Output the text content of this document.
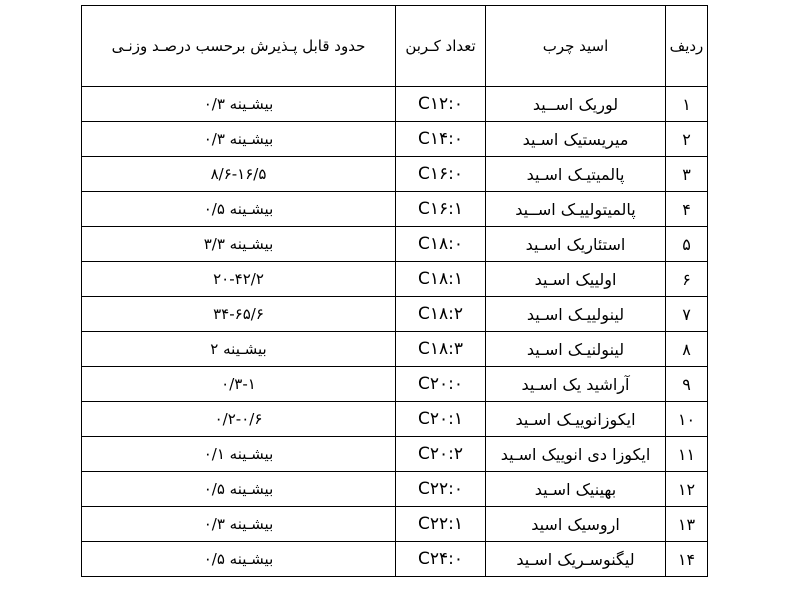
ردیف	اسید چرب	تعداد کـربن	حدود قابل پـذیرش برحسب درصـد وزنـی
۱	لوریک اســید	C۱۲:۰	بیشـینه ۰/۳
۲	میریستیک اسـید	C۱۴:۰	بیشـینه ۰/۳
۳	پالمیتیـک اسـید	C۱۶:۰	۸/۶-۱۶/۵
۴	پالمیتولییـک اســید	C۱۶:۱	بیشـینه ۰/۵
۵	استئاریک اسـید	C۱۸:۰	بیشـینه ۳/۳
۶	اولییک اسـید	C۱۸:۱	۲۰-۴۲/۲
۷	لینولییـک اسـید	C۱۸:۲	۳۴-۶۵/۶
۸	لینولنیـک اسـید	C۱۸:۳	بیشـینه ۲
۹	آراشید یک اسـید	C۲۰:۰	۰/۳-۱
۱۰	ایکوزانوییـک اسـید	C۲۰:۱	۰/۲-۰/۶
۱۱	ایکوزا دی انوییک اسـید	C۲۰:۲	بیشـینه ۰/۱
۱۲	بهینیک اسـید	C۲۲:۰	بیشـینه ۰/۵
۱۳	اروسیک اسید	C۲۲:۱	بیشـینه ۰/۳
۱۴	لیگنوسـریک اسـید	C۲۴:۰	بیشـینه ۰/۵
